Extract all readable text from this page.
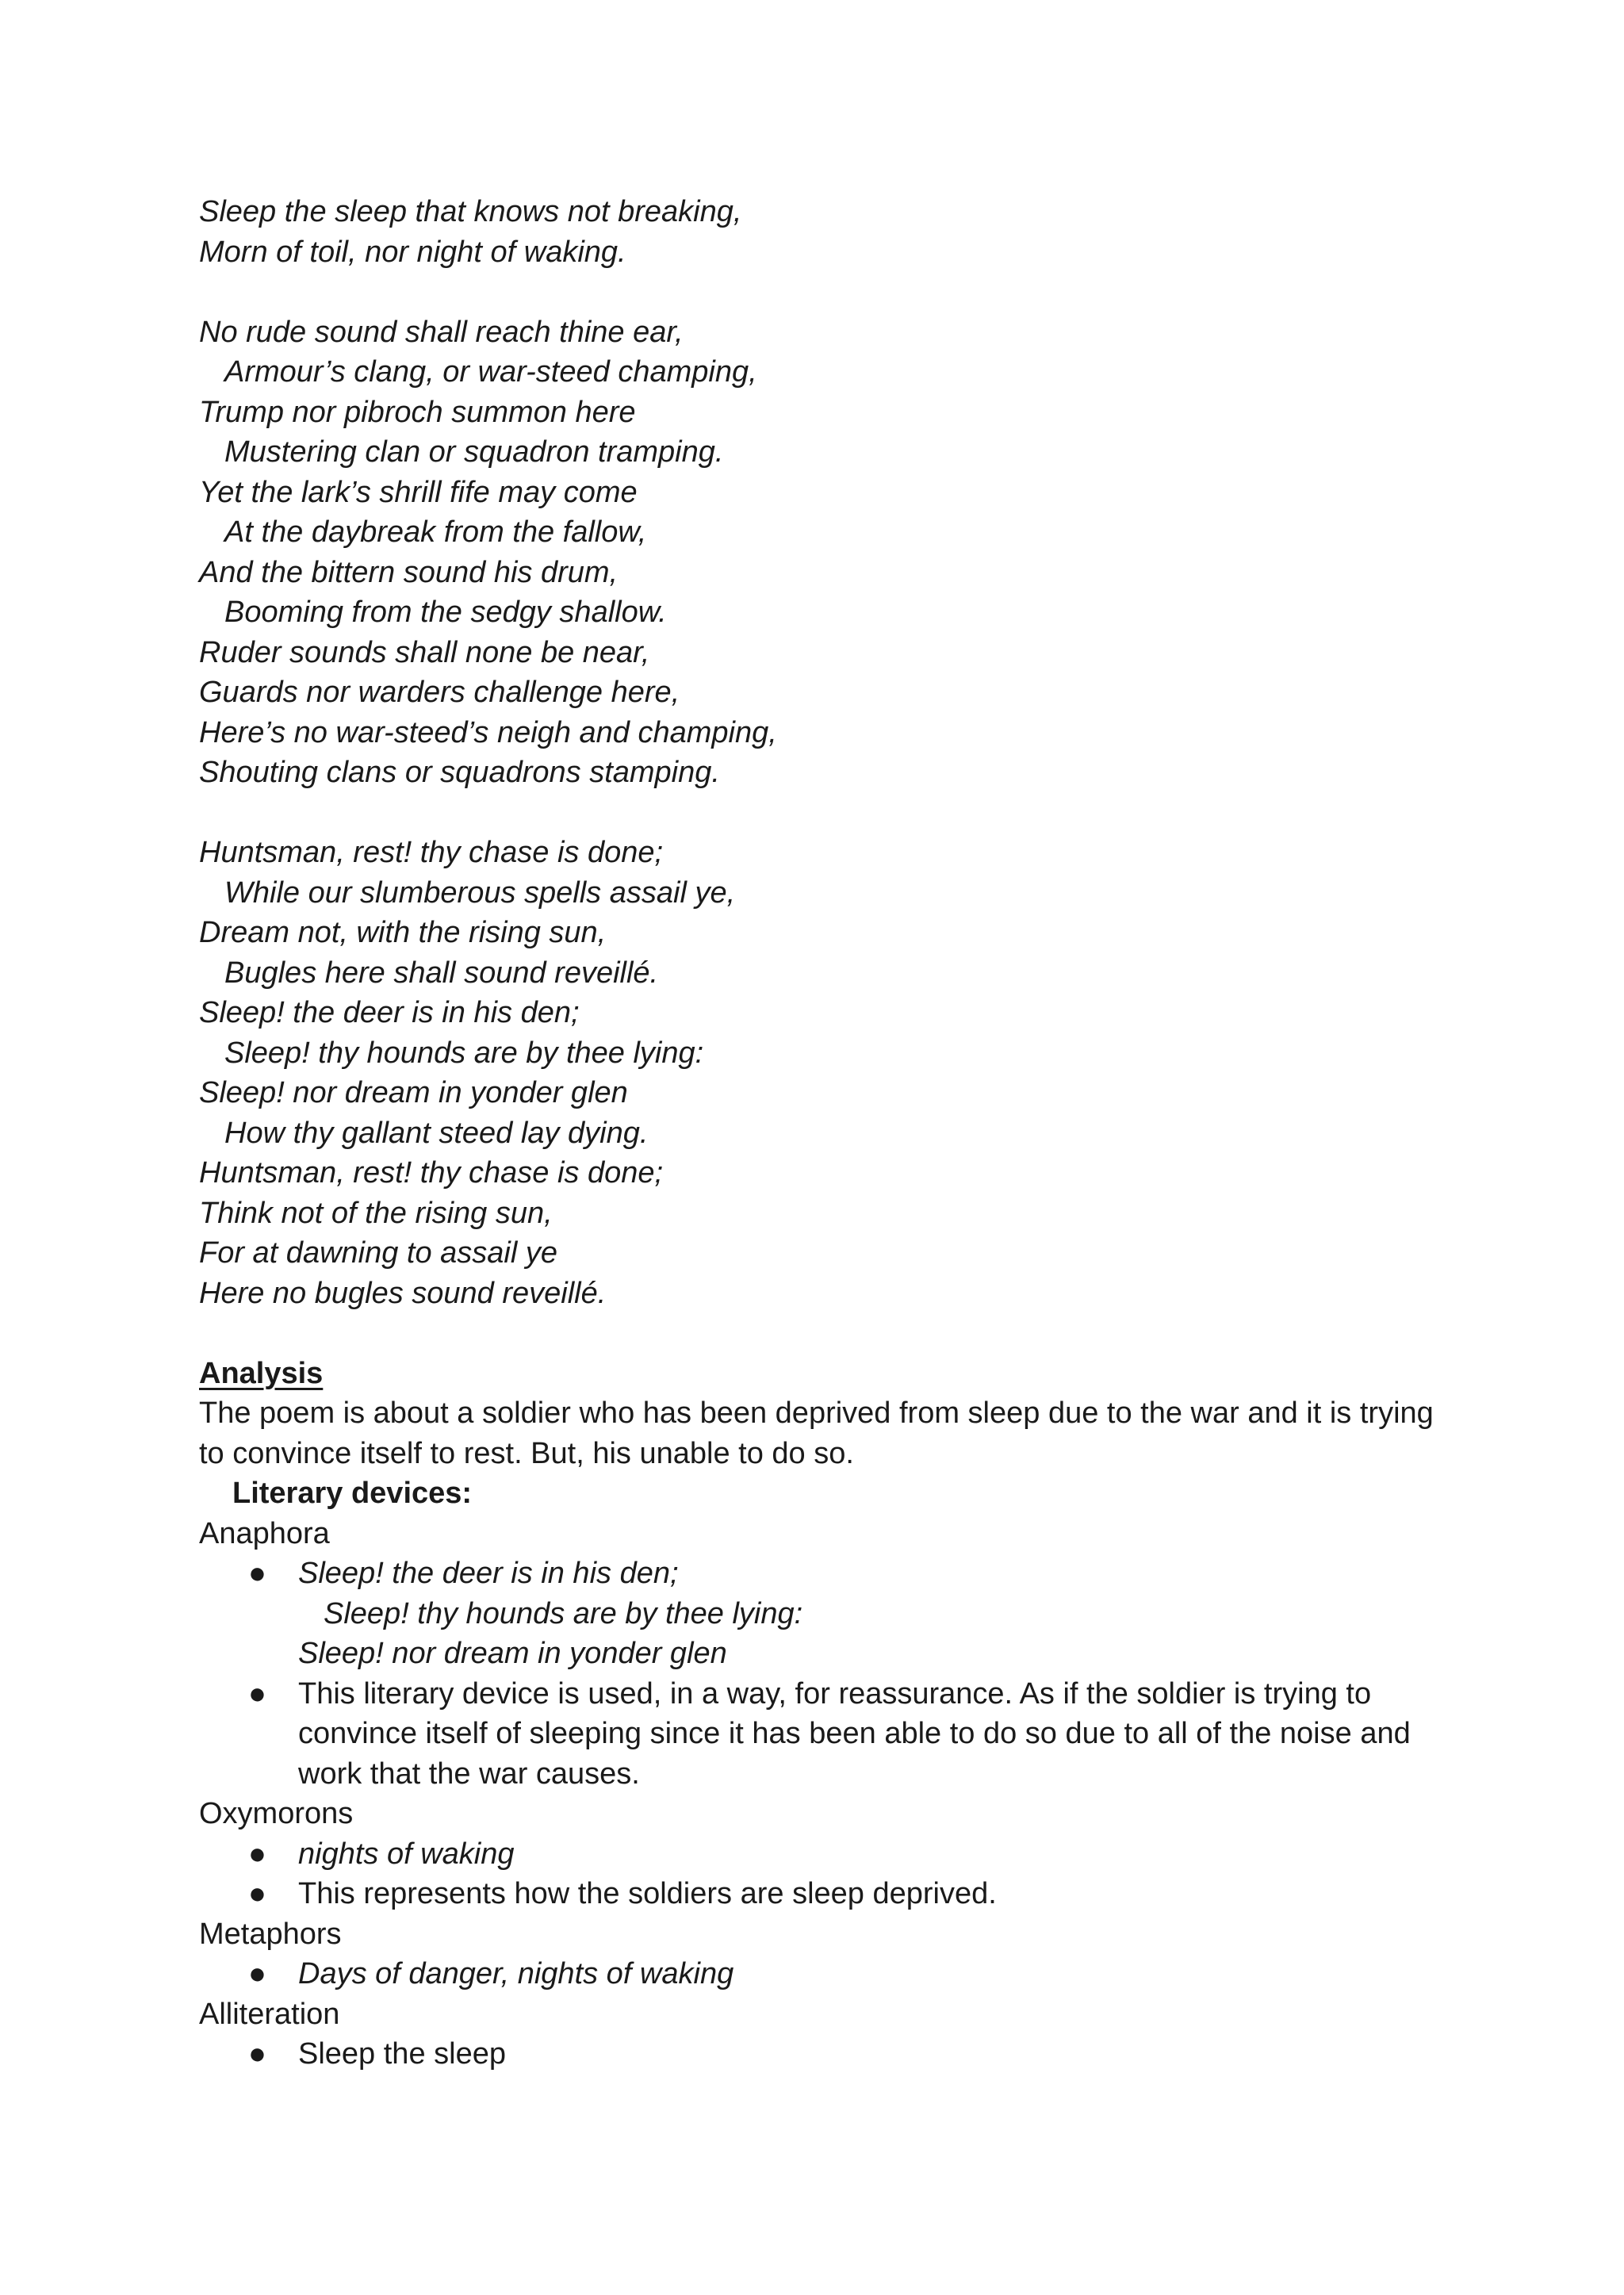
Sleep the sleep that knows not breaking,
Morn of toil, nor night of waking.
No rude sound shall reach thine ear,
Armour’s clang, or war-steed champing,
Trump nor pibroch summon here
Mustering clan or squadron tramping.
Yet the lark’s shrill fife may come
At the daybreak from the fallow,
And the bittern sound his drum,
Booming from the sedgy shallow.
Ruder sounds shall none be near,
Guards nor warders challenge here,
Here’s no war-steed’s neigh and champing,
Shouting clans or squadrons stamping.
Huntsman, rest! thy chase is done;
While our slumberous spells assail ye,
Dream not, with the rising sun,
Bugles here shall sound reveillé.
Sleep! the deer is in his den;
Sleep! thy hounds are by thee lying:
Sleep! nor dream in yonder glen
How thy gallant steed lay dying.
Huntsman, rest! thy chase is done;
Think not of the rising sun,
For at dawning to assail ye
Here no bugles sound reveillé.
Analysis

The poem is about a soldier who has been deprived from sleep due to the war and it is trying to convince itself to rest. But, his unable to do so.

Literary devices:
Anaphora
● Sleep! the deer is in his den;
Sleep! thy hounds are by thee lying:
Sleep! nor dream in yonder glen
● This literary device is used, in a way, for reassurance. As if the soldier is trying to convince itself of sleeping since it has been able to do so due to all of the noise and work that the war causes.
Oxymorons
● nights of waking
● This represents how the soldiers are sleep deprived.
Metaphors
● Days of danger, nights of waking
Alliteration
● Sleep the sleep
